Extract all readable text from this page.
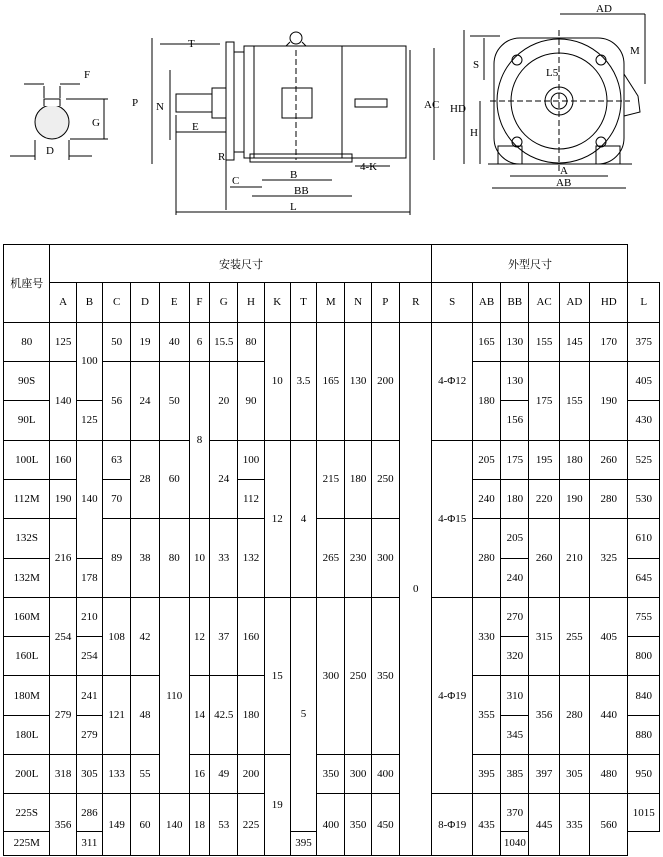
F
G
D
T
P N
E
R
C	B
BB
L
4-K
AC
AD
M
S
HD
H
A
AB
L5
机座号	安装尺寸														外型尺寸						
	A	B	C	D	E	F	G	H	K	T	M	N	P	R	S	AB	BB	AC	AD	HD	L
80	125	100	50	19	40	6	15.5	80	10	3.5	165	130	200	0	4-Φ12	165	130	155	145	170	375
90S	140		56	24	50	8	20	90								180	130	175	155	190	405
90L		125															156				430
100L	160	140	63	28	60		24	100	12	4	215	180	250		4-Φ15	205	175	195	180	260	525
112M	190		70					112								240	180	220	190	280	530
132S	216		89	38	80	10	33	132			265	230	300			280	205	260	210	325	610
132M		178															240				645
160M	254	210	108	42	110	12	37	160	15	5	300	250	350		4-Φ19	330	270	315	255	405	755
160L		254															320				800
180M	279	241	121	48		14	42.5	180								355	310	356	280	440	840
180L		279															345				880
200L	318	305	133	55		16	49	200	19		350	300	400			395	385	397	305	480	950
225S	356	286	149	60	140	18	53	225			400	350	450		8-Φ19	435	370	445	335	560	1015
225M		311								395							1040				
